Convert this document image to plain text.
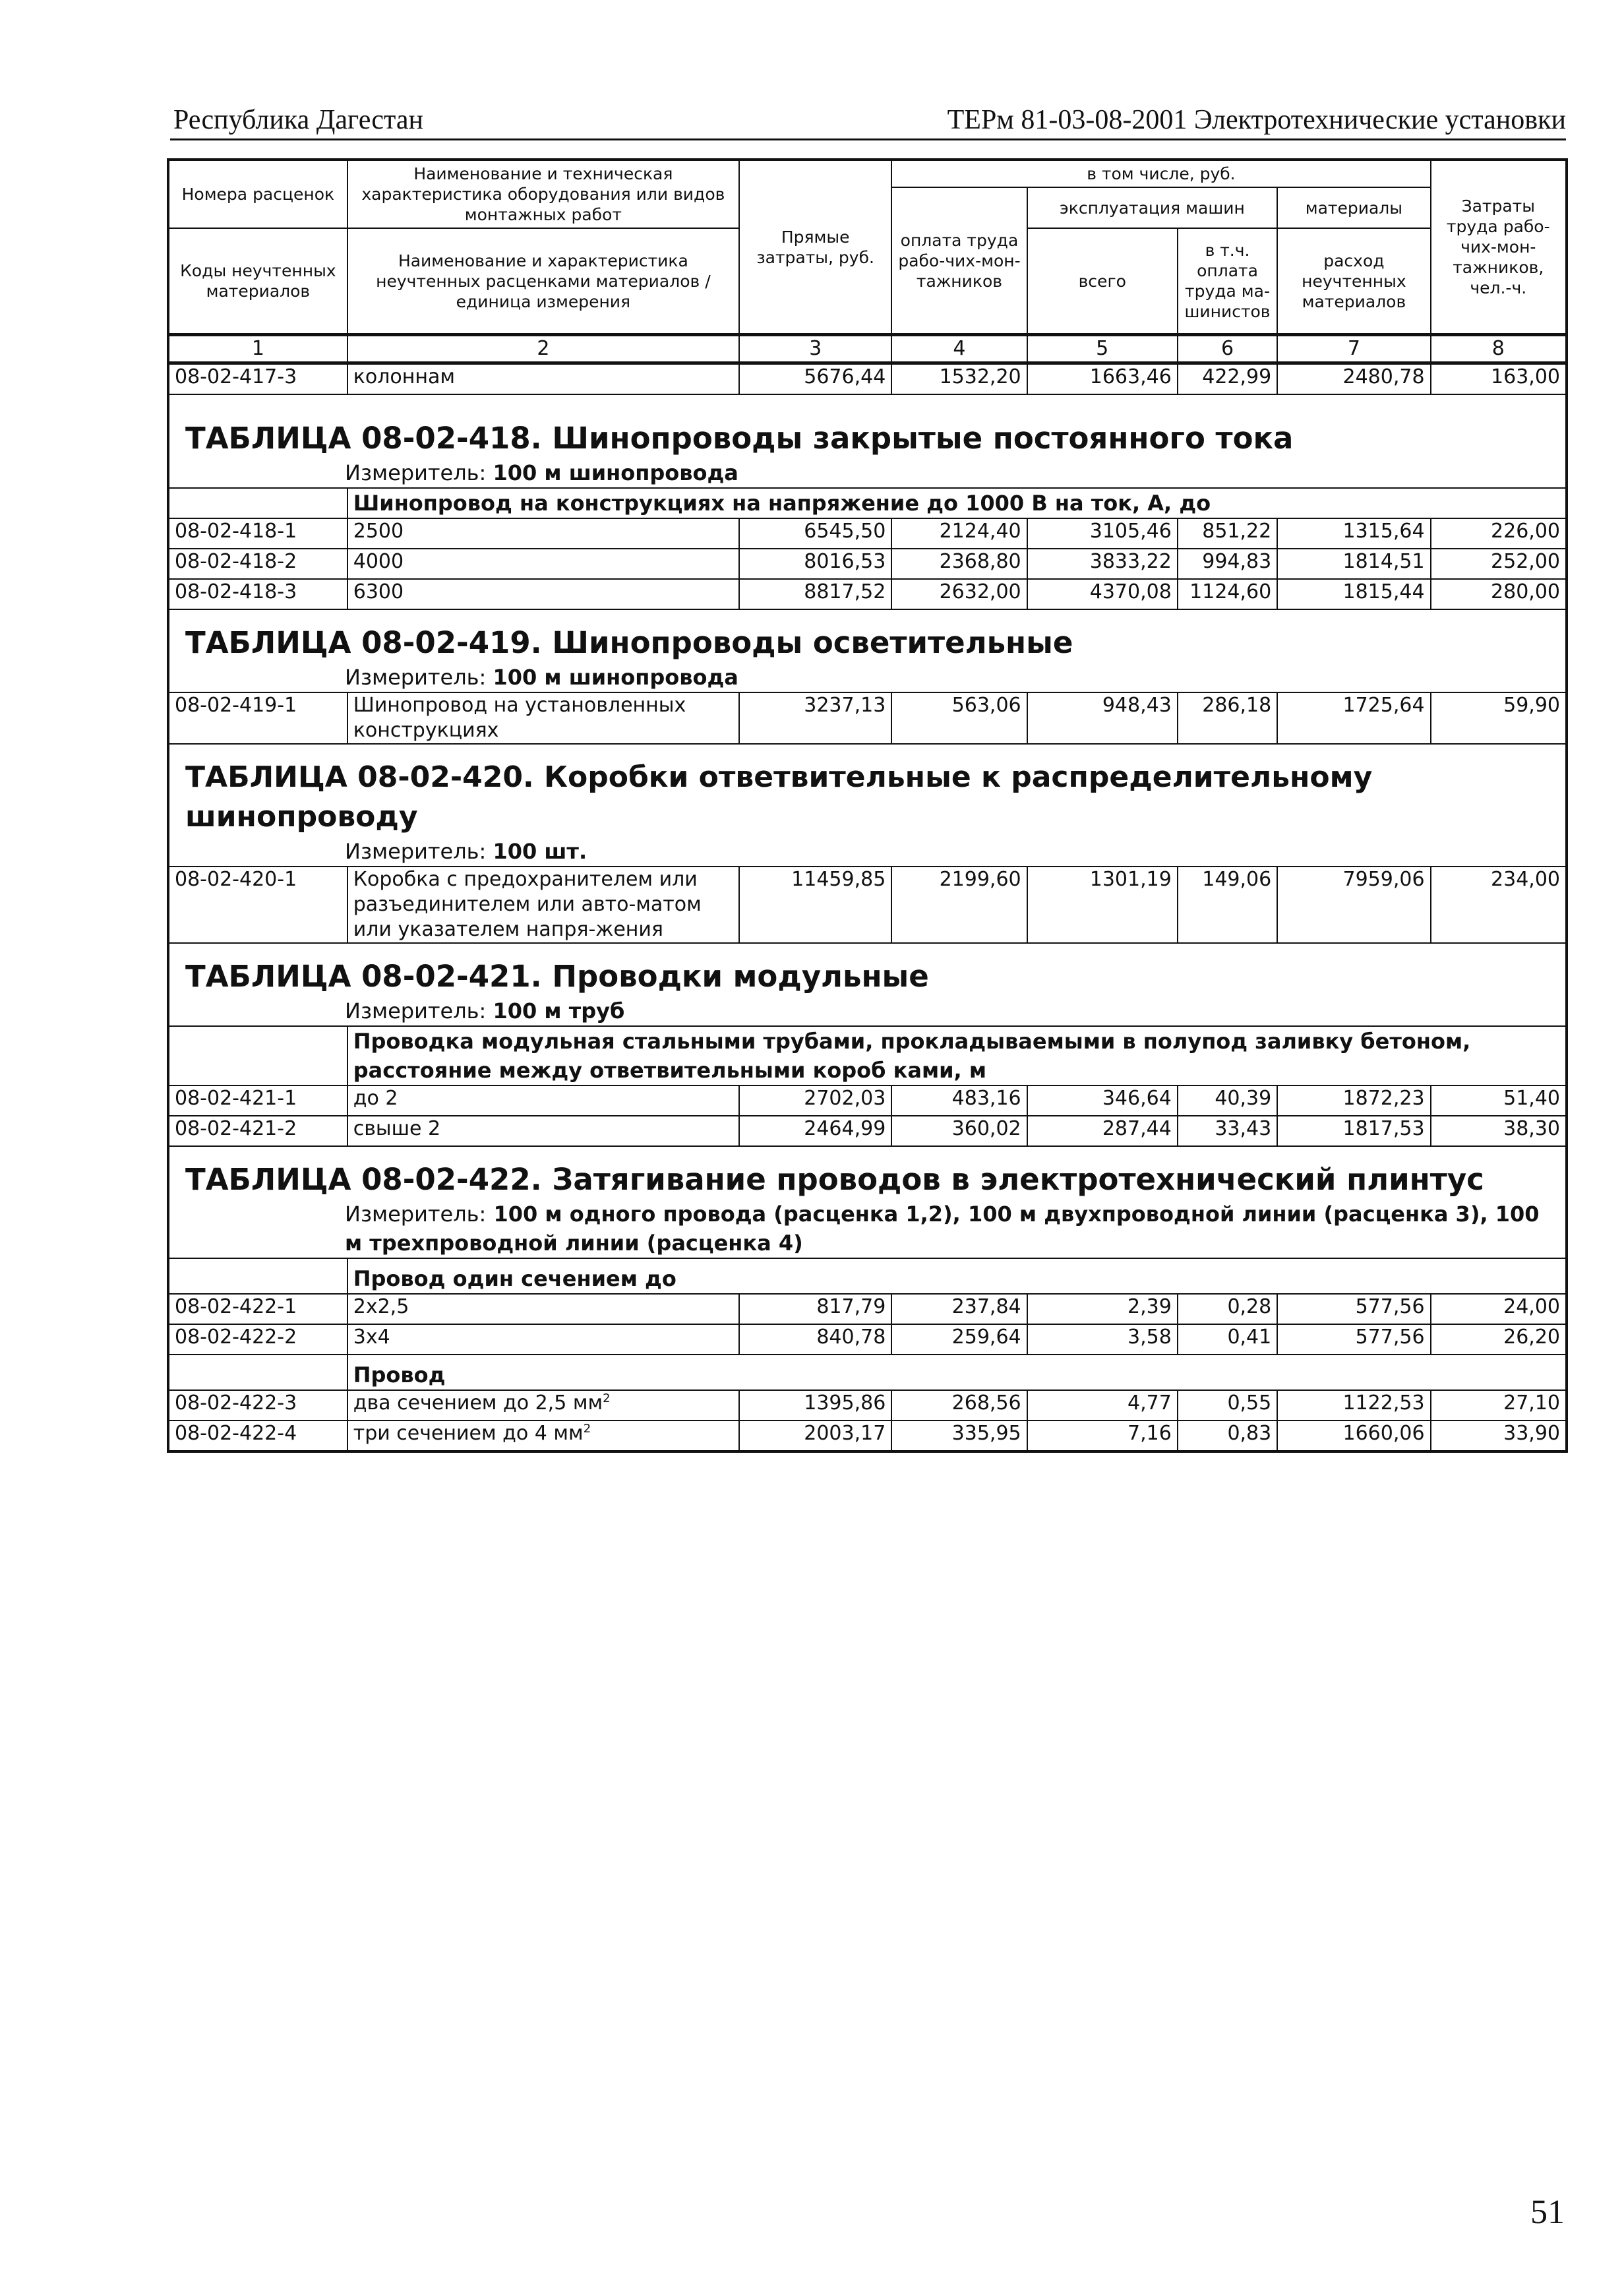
Республика Дагестан	ТЕРм 81-03-08-2001 Электротехнические установки
Номера расценок	Наименование и техническая характеристика оборудования или видов монтажных работ	Прямые затраты, руб.	в том числе, руб.				Затраты труда рабо-чих-мон-тажников, чел.-ч.
			оплата труда рабо-чих-мон-тажников	эксплуатация машин		материалы	
Коды неучтенных материалов	Наименование и характеристика неучтенных расценками материалов / единица измерения			всего	в т.ч. оплата труда ма-шинистов	расход неучтенных материалов	

1	2	3	4	5	6	7	8
08-02-417-3	колоннам	5676,44	1532,20	1663,46	422,99	2480,78	163,00
ТАБЛИЦА 08-02-418. Шинопроводы закрытые постоянного тока							
Измеритель: 100 м шинопровода							
	Шинопровод на конструкциях на напряжение до 1000 В на ток, А, до						
08-02-418-1	2500	6545,50	2124,40	3105,46	851,22	1315,64	226,00
08-02-418-2	4000	8016,53	2368,80	3833,22	994,83	1814,51	252,00
08-02-418-3	6300	8817,52	2632,00	4370,08	1124,60	1815,44	280,00
ТАБЛИЦА 08-02-419. Шинопроводы осветительные							
Измеритель: 100 м шинопровода							
08-02-419-1	Шинопровод на установленных конструкциях	3237,13	563,06	948,43	286,18	1725,64	59,90
ТАБЛИЦА 08-02-420. Коробки ответвительные к распределительному шинопроводу							
Измеритель: 100 шт.							
08-02-420-1	Коробка с предохранителем или разъединителем или авто-матом или указателем напря-жения	11459,85	2199,60	1301,19	149,06	7959,06	234,00
ТАБЛИЦА 08-02-421. Проводки модульные							
Измеритель: 100 м труб							
	Проводка модульная стальными трубами, прокладываемыми в полупод заливку бетоном, расстояние между ответвительными короб ками, м						
08-02-421-1	до 2	2702,03	483,16	346,64	40,39	1872,23	51,40
08-02-421-2	свыше 2	2464,99	360,02	287,44	33,43	1817,53	38,30
ТАБЛИЦА 08-02-422. Затягивание проводов в электротехнический плинтус							
Измеритель: 100 м одного провода (расценка 1,2), 100 м двухпроводной линии (расценка 3), 100 м трехпроводной линии (расценка 4)							
	Провод один сечением до						
08-02-422-1	2х2,5	817,79	237,84	2,39	0,28	577,56	24,00
08-02-422-2	3х4	840,78	259,64	3,58	0,41	577,56	26,20
	Провод						
08-02-422-3	два сечением до 2,5 $мм^2$	1395,86	268,56	4,77	0,55	1122,53	27,10
08-02-422-4	три сечением до 4 $мм^2$	2003,17	335,95	7,16	0,83	1660,06	33,90
51
